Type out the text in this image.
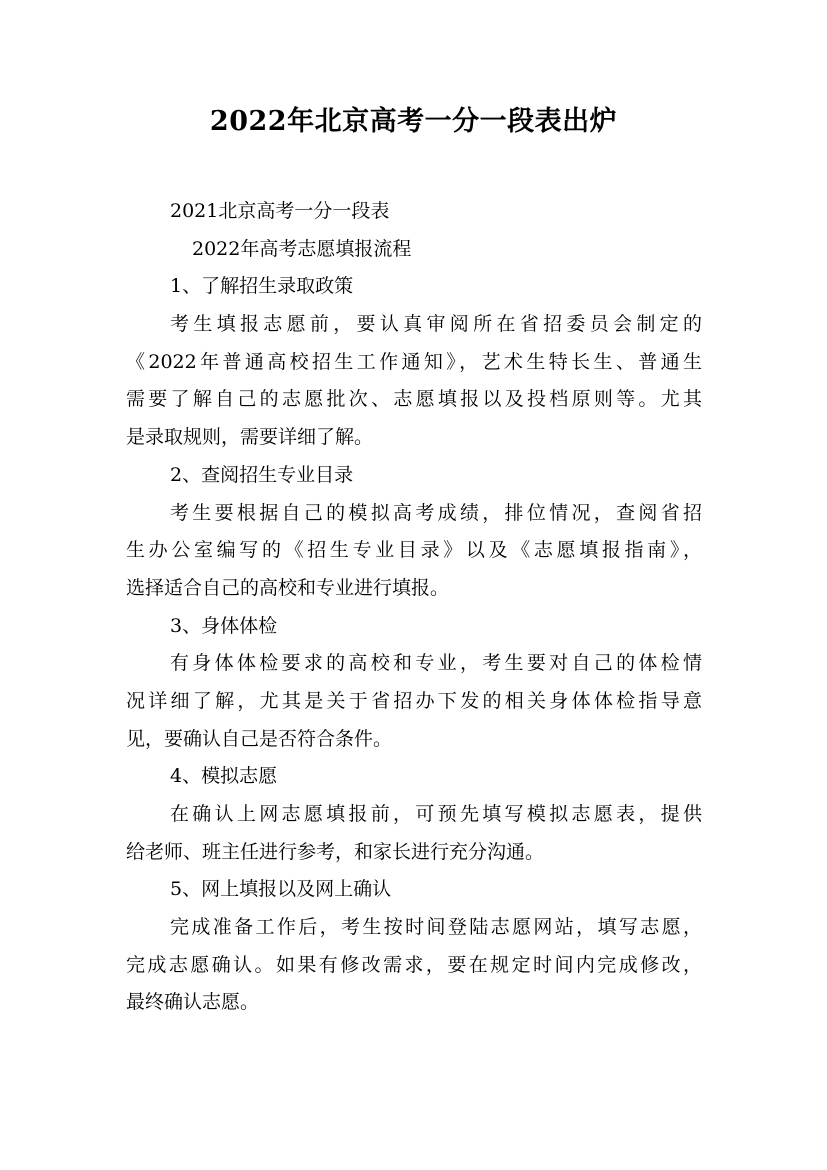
2022年北京高考一分一段表出炉

2021北京高考一分一段表

2022年高考志愿填报流程

1、了解招生录取政策

考生填报志愿前，要认真审阅所在省招委员会制定的

《2022年普通高校招生工作通知》，艺术生特长生、普通生

需要了解自己的志愿批次、志愿填报以及投档原则等。尤其

是录取规则，需要详细了解。

2、查阅招生专业目录

考生要根据自己的模拟高考成绩，排位情况，查阅省招

生办公室编写的《招生专业目录》以及《志愿填报指南》，

选择适合自己的高校和专业进行填报。

3、身体体检

有身体体检要求的高校和专业，考生要对自己的体检情

况详细了解，尤其是关于省招办下发的相关身体体检指导意

见，要确认自己是否符合条件。

4、模拟志愿

在确认上网志愿填报前，可预先填写模拟志愿表，提供

给老师、班主任进行参考，和家长进行充分沟通。

5、网上填报以及网上确认

完成准备工作后，考生按时间登陆志愿网站，填写志愿，

完成志愿确认。如果有修改需求，要在规定时间内完成修改，

最终确认志愿。
